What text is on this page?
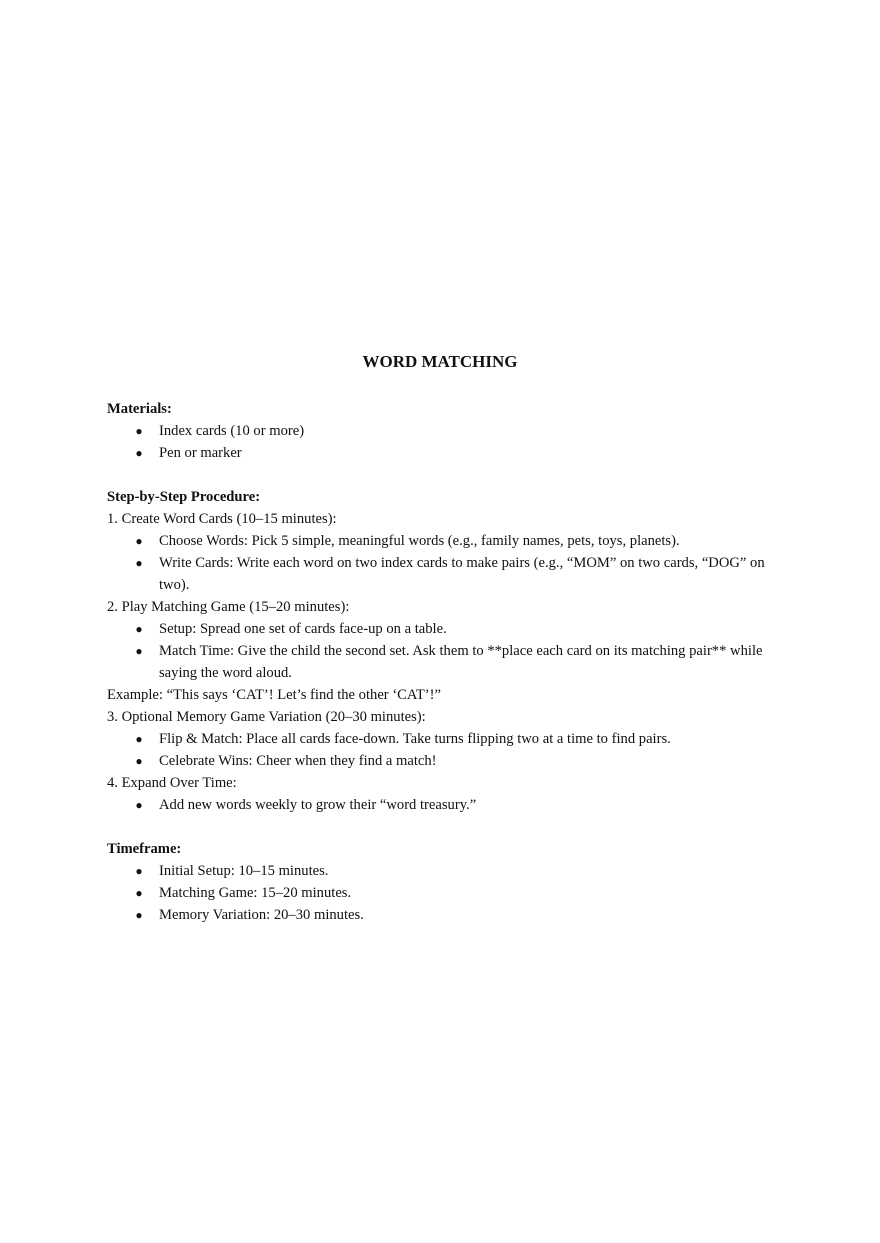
WORD MATCHING
Materials:
● Index cards (10 or more)
● Pen or marker
Step-by-Step Procedure:
1. Create Word Cards (10–15 minutes):
● Choose Words: Pick 5 simple, meaningful words (e.g., family names, pets, toys, planets).
● Write Cards: Write each word on two index cards to make pairs (e.g., “MOM” on two cards, “DOG” on two).
2. Play Matching Game (15–20 minutes):
● Setup: Spread one set of cards face-up on a table.
● Match Time: Give the child the second set. Ask them to **place each card on its matching pair** while saying the word aloud.
Example: “This says ‘CAT’! Let’s find the other ‘CAT’!”
3. Optional Memory Game Variation (20–30 minutes):
● Flip & Match: Place all cards face-down. Take turns flipping two at a time to find pairs.
● Celebrate Wins: Cheer when they find a match!
4. Expand Over Time:
● Add new words weekly to grow their “word treasury.”
Timeframe:
● Initial Setup: 10–15 minutes.
● Matching Game: 15–20 minutes.
● Memory Variation: 20–30 minutes.
